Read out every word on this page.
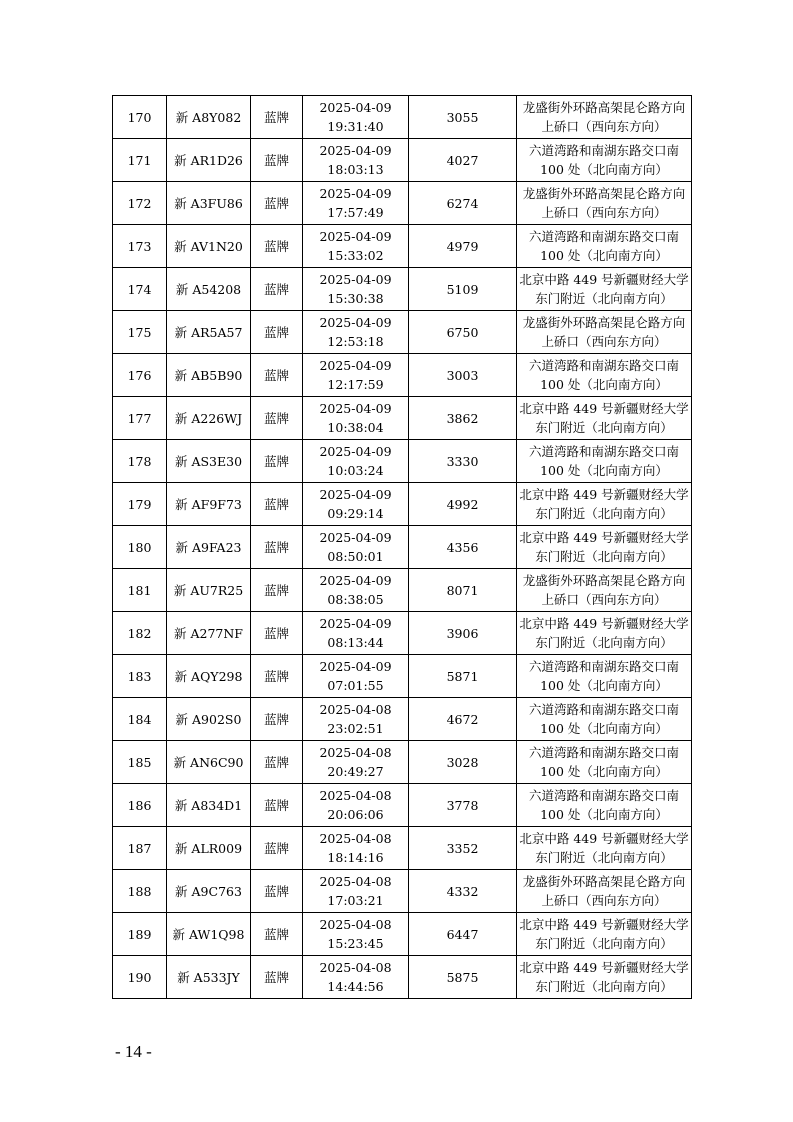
170	新 A8Y082	蓝牌	2025-04-09
19:31:40	3055	龙盛街外环路高架昆仑路方向
上硚口（西向东方向）

171	新 AR1D26	蓝牌	2025-04-09
18:03:13	4027	六道湾路和南湖东路交口南
100 处（北向南方向）

172	新 A3FU86	蓝牌	2025-04-09
17:57:49	6274	龙盛街外环路高架昆仑路方向
上硚口（西向东方向）

173	新 AV1N20	蓝牌	2025-04-09
15:33:02	4979	六道湾路和南湖东路交口南
100 处（北向南方向）

174	新 A54208	蓝牌	2025-04-09
15:30:38	5109	北京中路 449 号新疆财经大学
东门附近（北向南方向）

175	新 AR5A57	蓝牌	2025-04-09
12:53:18	6750	龙盛街外环路高架昆仑路方向
上硚口（西向东方向）

176	新 AB5B90	蓝牌	2025-04-09
12:17:59	3003	六道湾路和南湖东路交口南
100 处（北向南方向）

177	新 A226WJ	蓝牌	2025-04-09
10:38:04	3862	北京中路 449 号新疆财经大学
东门附近（北向南方向）

178	新 AS3E30	蓝牌	2025-04-09
10:03:24	3330	六道湾路和南湖东路交口南
100 处（北向南方向）

179	新 AF9F73	蓝牌	2025-04-09
09:29:14	4992	北京中路 449 号新疆财经大学
东门附近（北向南方向）

180	新 A9FA23	蓝牌	2025-04-09
08:50:01	4356	北京中路 449 号新疆财经大学
东门附近（北向南方向）

181	新 AU7R25	蓝牌	2025-04-09
08:38:05	8071	龙盛街外环路高架昆仑路方向
上硚口（西向东方向）

182	新 A277NF	蓝牌	2025-04-09
08:13:44	3906	北京中路 449 号新疆财经大学
东门附近（北向南方向）

183	新 AQY298	蓝牌	2025-04-09
07:01:55	5871	六道湾路和南湖东路交口南
100 处（北向南方向）

184	新 A902S0	蓝牌	2025-04-08
23:02:51	4672	六道湾路和南湖东路交口南
100 处（北向南方向）

185	新 AN6C90	蓝牌	2025-04-08
20:49:27	3028	六道湾路和南湖东路交口南
100 处（北向南方向）

186	新 A834D1	蓝牌	2025-04-08
20:06:06	3778	六道湾路和南湖东路交口南
100 处（北向南方向）

187	新 ALR009	蓝牌	2025-04-08
18:14:16	3352	北京中路 449 号新疆财经大学
东门附近（北向南方向）

188	新 A9C763	蓝牌	2025-04-08
17:03:21	4332	龙盛街外环路高架昆仑路方向
上硚口（西向东方向）

189	新 AW1Q98	蓝牌	2025-04-08
15:23:45	6447	北京中路 449 号新疆财经大学
东门附近（北向南方向）

190	新 A533JY	蓝牌	2025-04-08
14:44:56	5875	北京中路 449 号新疆财经大学
东门附近（北向南方向）
- 14 -
